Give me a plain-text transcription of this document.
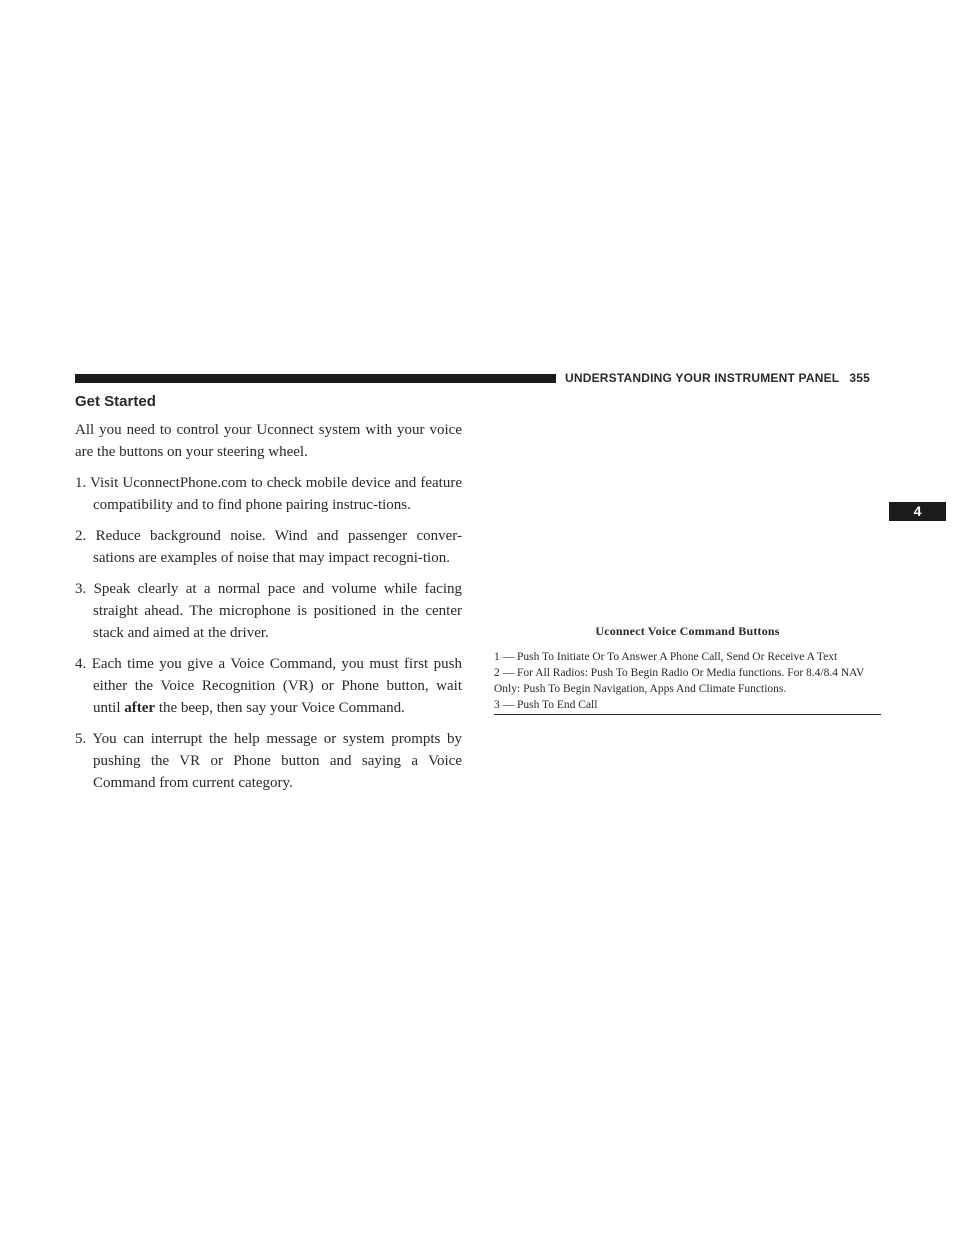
UNDERSTANDING YOUR INSTRUMENT PANEL 355
4
Get Started

All you need to control your Uconnect system with your voice are the buttons on your steering wheel.

1. Visit UconnectPhone.com to check mobile device and feature compatibility and to find phone pairing instruc-tions.
2. Reduce background noise. Wind and passenger conver-sations are examples of noise that may impact recogni-tion.
3. Speak clearly at a normal pace and volume while facing straight ahead. The microphone is positioned in the center stack and aimed at the driver.
4. Each time you give a Voice Command, you must first push either the Voice Recognition (VR) or Phone button, wait until after the beep, then say your Voice Command.
5. You can interrupt the help message or system prompts by pushing the VR or Phone button and saying a Voice Command from current category.
Uconnect Voice Command Buttons

1 — Push To Initiate Or To Answer A Phone Call, Send Or Receive A Text

2 — For All Radios: Push To Begin Radio Or Media functions. For 8.4/8.4 NAV Only: Push To Begin Navigation, Apps And Climate Functions.

3 — Push To End Call
